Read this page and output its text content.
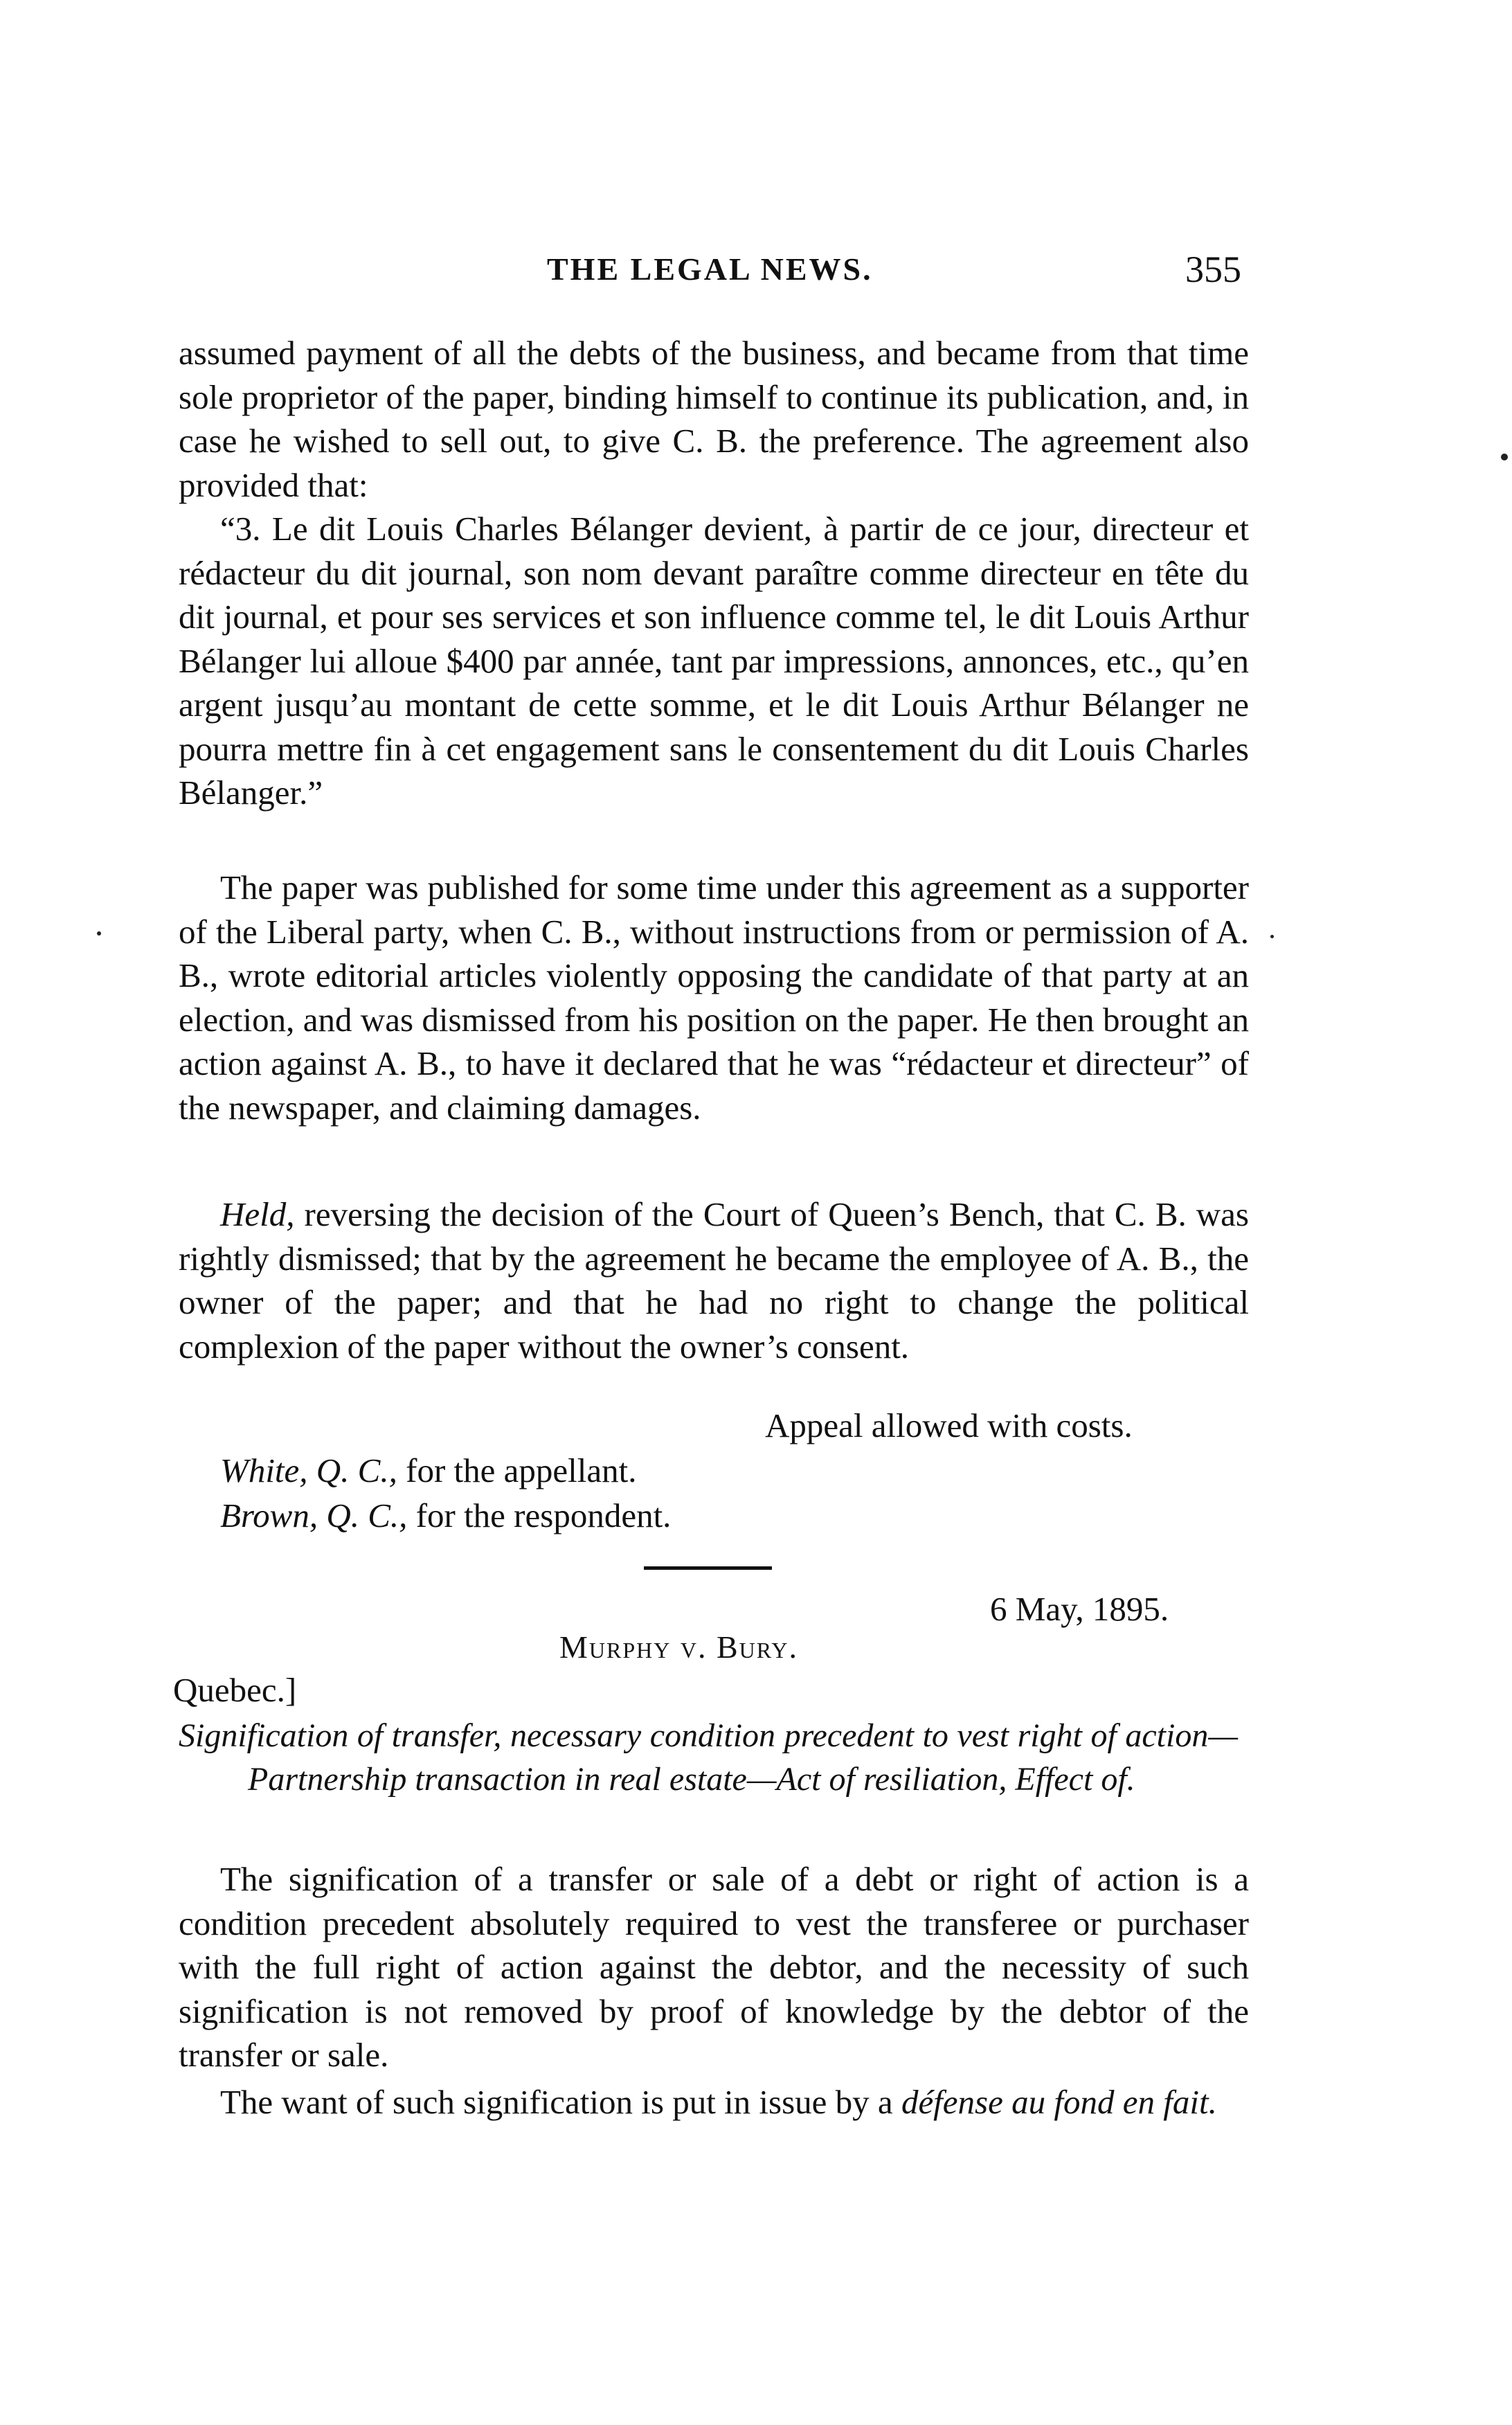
THE LEGAL NEWS.	355

assumed payment of all the debts of the business, and became from that time sole proprietor of the paper, binding himself to continue its publication, and, in case he wished to sell out, to give C. B. the preference. The agreement also provided that:

“3. Le dit Louis Charles Bélanger devient, à partir de ce jour, directeur et rédacteur du dit journal, son nom devant paraître comme directeur en tête du dit journal, et pour ses services et son influence comme tel, le dit Louis Arthur Bélanger lui alloue $400 par année, tant par impressions, annonces, etc., qu’en argent jusqu’au montant de cette somme, et le dit Louis Arthur Bélanger ne pourra mettre fin à cet engagement sans le consentement du dit Louis Charles Bélanger.”

The paper was published for some time under this agreement as a supporter of the Liberal party, when C. B., without instructions from or permission of A. B., wrote editorial articles violently opposing the candidate of that party at an election, and was dismissed from his position on the paper. He then brought an action against A. B., to have it declared that he was “rédacteur et directeur” of the newspaper, and claiming damages.

Held, reversing the decision of the Court of Queen’s Bench, that C. B. was rightly dismissed; that by the agreement he became the employee of A. B., the owner of the paper; and that he had no right to change the political complexion of the paper without the owner’s consent.

Appeal allowed with costs.
White, Q. C., for the appellant.
Brown, Q. C., for the respondent.
6 May, 1895.
Murphy v. Bury.
Quebec.]
Signification of transfer, necessary condition precedent to vest right of action—Partnership transaction in real estate—Act of resiliation, Effect of.

The signification of a transfer or sale of a debt or right of action is a condition precedent absolutely required to vest the transferee or purchaser with the full right of action against the debtor, and the necessity of such signification is not removed by proof of knowledge by the debtor of the transfer or sale.

The want of such signification is put in issue by a défense au fond en fait.
